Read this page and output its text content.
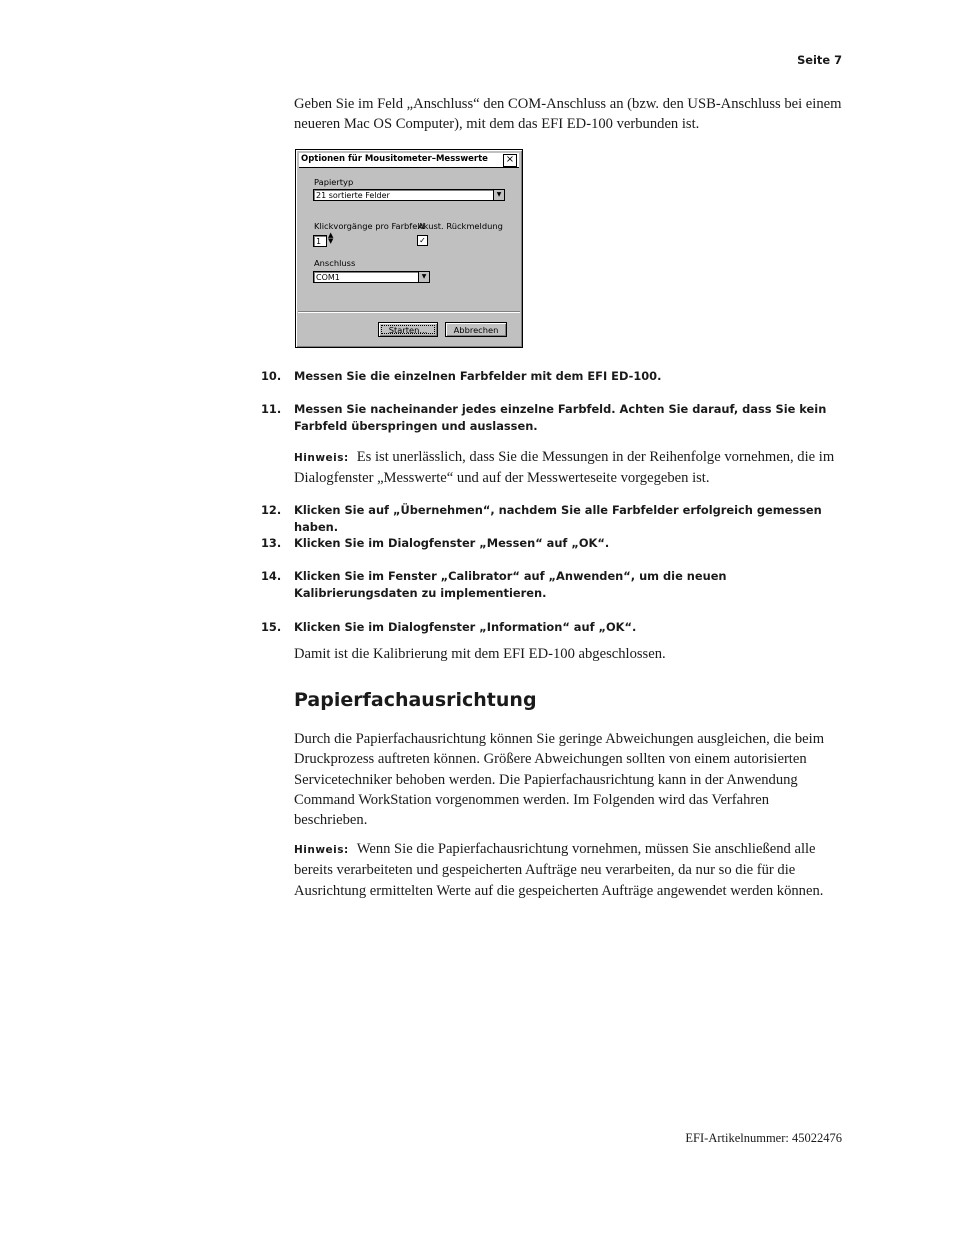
Seite 7
Geben Sie im Feld „Anschluss“ den COM-Anschluss an (bzw. den USB-Anschluss bei einem neueren Mac OS Computer), mit dem das EFI ED-100 verbunden ist.
Optionen für Mousitometer–Messwerte ×
Papiertyp
21 sortierte Felder	▼
Klickvorgänge pro Farbfeld
1
▲
▼
Akust. Rückmeldung
✓
Anschluss
COM1	▼
Starten...	Abbrechen
10. Messen Sie die einzelnen Farbfelder mit dem EFI ED-100.
11. Messen Sie nacheinander jedes einzelne Farbfeld. Achten Sie darauf, dass Sie kein Farbfeld überspringen und auslassen.
Hinweis: Es ist unerlässlich, dass Sie die Messungen in der Reihenfolge vornehmen, die im Dialogfenster „Messwerte“ und auf der Messwerteseite vorgegeben ist.
12. Klicken Sie auf „Übernehmen“, nachdem Sie alle Farbfelder erfolgreich gemessen haben.
13. Klicken Sie im Dialogfenster „Messen“ auf „OK“.
14. Klicken Sie im Fenster „Calibrator“ auf „Anwenden“, um die neuen Kalibrierungsdaten zu implementieren.
15. Klicken Sie im Dialogfenster „Information“ auf „OK“.
Damit ist die Kalibrierung mit dem EFI ED-100 abgeschlossen.
Papierfachausrichtung
Durch die Papierfachausrichtung können Sie geringe Abweichungen ausgleichen, die beim Druckprozess auftreten können. Größere Abweichungen sollten von einem autorisierten Servicetechniker behoben werden. Die Papierfachausrichtung kann in der Anwendung Command WorkStation vorgenommen werden. Im Folgenden wird das Verfahren beschrieben.
Hinweis: Wenn Sie die Papierfachausrichtung vornehmen, müssen Sie anschließend alle bereits verarbeiteten und gespeicherten Aufträge neu verarbeiten, da nur so die für die Ausrichtung ermittelten Werte auf die gespeicherten Aufträge angewendet werden können.
EFI-Artikelnummer: 45022476
